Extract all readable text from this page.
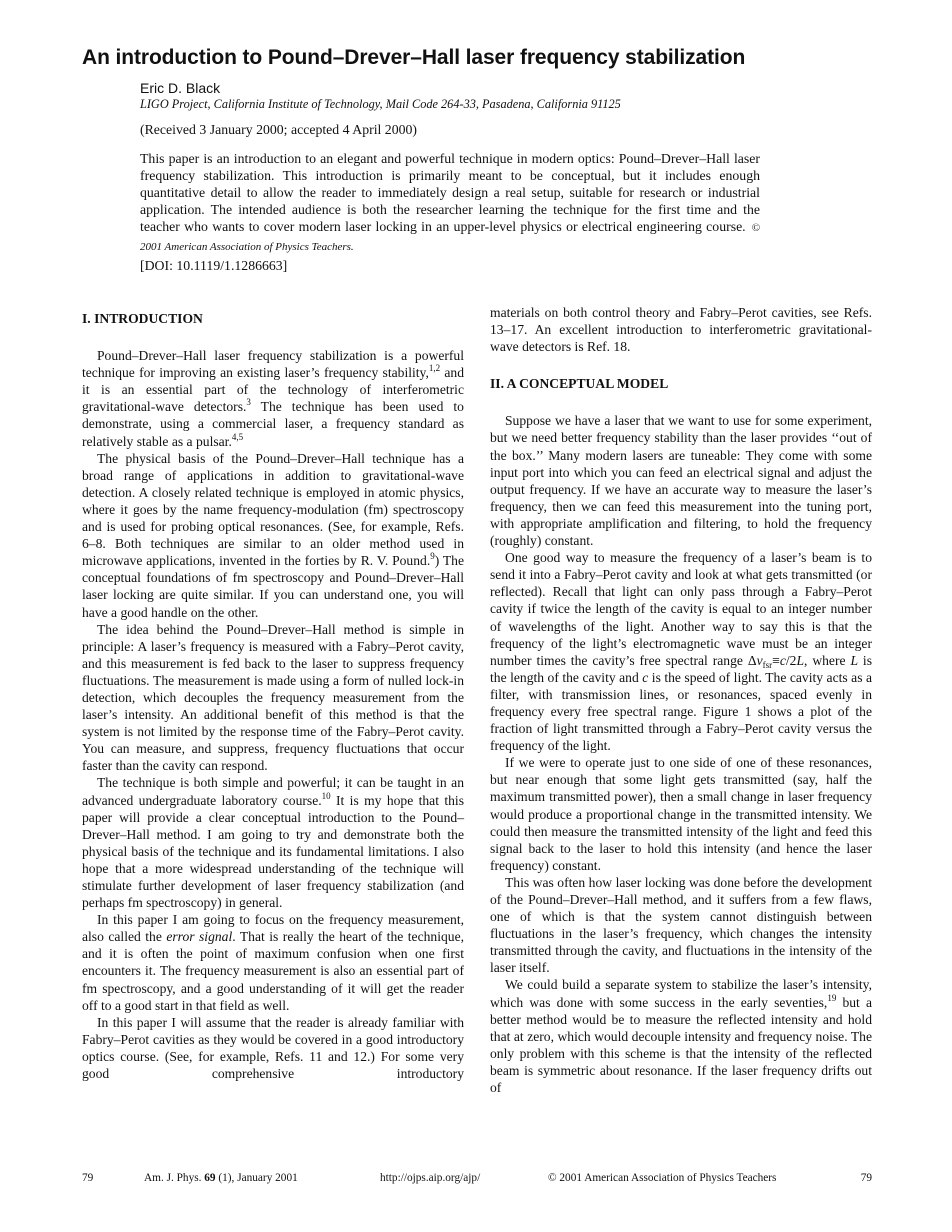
An introduction to Pound–Drever–Hall laser frequency stabilization
Eric D. Black
LIGO Project, California Institute of Technology, Mail Code 264-33, Pasadena, California 91125
(Received 3 January 2000; accepted 4 April 2000)
This paper is an introduction to an elegant and powerful technique in modern optics: Pound–Drever–Hall laser frequency stabilization. This introduction is primarily meant to be conceptual, but it includes enough quantitative detail to allow the reader to immediately design a real setup, suitable for research or industrial application. The intended audience is both the researcher learning the technique for the first time and the teacher who wants to cover modern laser locking in an upper-level physics or electrical engineering course. © 2001 American Association of Physics Teachers.
[DOI: 10.1119/1.1286663]
I. INTRODUCTION

Pound–Drever–Hall laser frequency stabilization is a powerful technique for improving an existing laser’s frequency stability,$^{1,2}$ and it is an essential part of the technology of interferometric gravitational-wave detectors.$^3$ The technique has been used to demonstrate, using a commercial laser, a frequency standard as relatively stable as a pulsar.$^{4,5}$

The physical basis of the Pound–Drever–Hall technique has a broad range of applications in addition to gravitational-wave detection. A closely related technique is employed in atomic physics, where it goes by the name frequency-modulation (fm) spectroscopy and is used for probing optical resonances. (See, for example, Refs. 6–8. Both techniques are similar to an older method used in microwave applications, invented in the forties by R. V. Pound.$^9$) The conceptual foundations of fm spectroscopy and Pound–Drever–Hall laser locking are quite similar. If you can understand one, you will have a good handle on the other.

The idea behind the Pound–Drever–Hall method is simple in principle: A laser’s frequency is measured with a Fabry–Perot cavity, and this measurement is fed back to the laser to suppress frequency fluctuations. The measurement is made using a form of nulled lock-in detection, which decouples the frequency measurement from the laser’s intensity. An additional benefit of this method is that the system is not limited by the response time of the Fabry–Perot cavity. You can measure, and suppress, frequency fluctuations that occur faster than the cavity can respond.

The technique is both simple and powerful; it can be taught in an advanced undergraduate laboratory course.$^{10}$ It is my hope that this paper will provide a clear conceptual introduction to the Pound–Drever–Hall method. I am going to try and demonstrate both the physical basis of the technique and its fundamental limitations. I also hope that a more widespread understanding of the technique will stimulate further development of laser frequency stabilization (and perhaps fm spectroscopy) in general.

In this paper I am going to focus on the frequency measurement, also called the error signal. That is really the heart of the technique, and it is often the point of maximum confusion when one first encounters it. The frequency measurement is also an essential part of fm spectroscopy, and a good understanding of it will get the reader off to a good start in that field as well.

In this paper I will assume that the reader is already familiar with Fabry–Perot cavities as they would be covered in a good introductory optics course. (See, for example, Refs. 11 and 12.) For some very good comprehensive introductory

materials on both control theory and Fabry–Perot cavities, see Refs. 13–17. An excellent introduction to interferometric gravitational-wave detectors is Ref. 18.

II. A CONCEPTUAL MODEL

Suppose we have a laser that we want to use for some experiment, but we need better frequency stability than the laser provides ‘‘out of the box.’’ Many modern lasers are tuneable: They come with some input port into which you can feed an electrical signal and adjust the output frequency. If we have an accurate way to measure the laser’s frequency, then we can feed this measurement into the tuning port, with appropriate amplification and filtering, to hold the frequency (roughly) constant.

One good way to measure the frequency of a laser’s beam is to send it into a Fabry–Perot cavity and look at what gets transmitted (or reflected). Recall that light can only pass through a Fabry–Perot cavity if twice the length of the cavity is equal to an integer number of wavelengths of the light. Another way to say this is that the frequency of the light’s electromagnetic wave must be an integer number times the cavity’s free spectral range $\Delta\nu_{fsr}\equiv c/2L$, where L is the length of the cavity and c is the speed of light. The cavity acts as a filter, with transmission lines, or resonances, spaced evenly in frequency every free spectral range. Figure 1 shows a plot of the fraction of light transmitted through a Fabry–Perot cavity versus the frequency of the light.

If we were to operate just to one side of one of these resonances, but near enough that some light gets transmitted (say, half the maximum transmitted power), then a small change in laser frequency would produce a proportional change in the transmitted intensity. We could then measure the transmitted intensity of the light and feed this signal back to the laser to hold this intensity (and hence the laser frequency) constant.

This was often how laser locking was done before the development of the Pound–Drever–Hall method, and it suffers from a few flaws, one of which is that the system cannot distinguish between fluctuations in the laser’s frequency, which changes the intensity transmitted through the cavity, and fluctuations in the intensity of the laser itself.

We could build a separate system to stabilize the laser’s intensity, which was done with some success in the early seventies,$^{19}$ but a better method would be to measure the reflected intensity and hold that at zero, which would decouple intensity and frequency noise. The only problem with this scheme is that the intensity of the reflected beam is symmetric about resonance. If the laser frequency drifts out of

79	Am. J. Phys. 69 (1), January 2001	http://ojps.aip.org/ajp/	© 2001 American Association of Physics Teachers	79
